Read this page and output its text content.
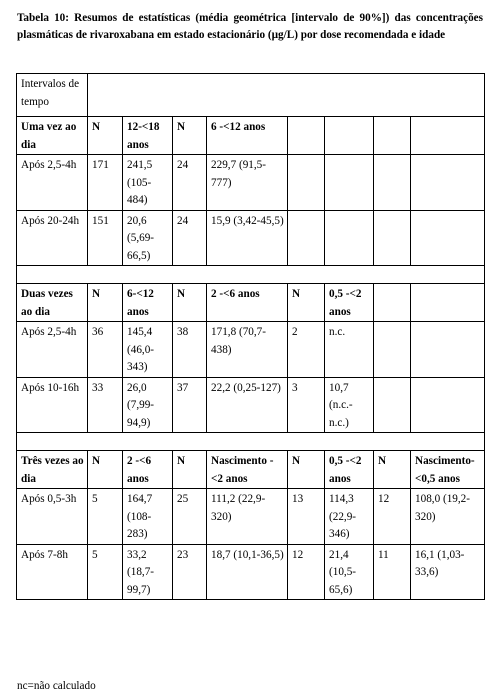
Tabela 10: Resumos de estatísticas (média geométrica [intervalo de 90%]) das concentrações plasmáticas de rivaroxabana em estado estacionário (µg/L) por dose recomendada e idade
Intervalos de tempo								
Uma vez ao dia	N	12-<18 anos	N	6 -<12 anos				
Após 2,5-4h	171	241,5 (105-484)	24	229,7 (91,5-777)				
Após 20-24h	151	20,6 (5,69-66,5)	24	15,9 (3,42-45,5)				

Duas vezes ao dia	N	6-<12 anos	N	2 -<6 anos	N	0,5 -<2 anos		
Após 2,5-4h	36	145,4 (46,0-343)	38	171,8 (70,7-438)	2	n.c.		
Após 10-16h	33	26,0 (7,99-94,9)	37	22,2 (0,25-127)	3	10,7 (n.c.-n.c.)		

Três vezes ao dia	N	2 -<6 anos	N	Nascimento -<2 anos	N	0,5 -<2 anos	N	Nascimento-<0,5 anos
Após 0,5-3h	5	164,7 (108-283)	25	111,2 (22,9-320)	13	114,3 (22,9-346)	12	108,0 (19,2-320)
Após 7-8h	5	33,2 (18,7-99,7)	23	18,7 (10,1-36,5)	12	21,4 (10,5-65,6)	11	16,1 (1,03-33,6)
nc=não calculado
